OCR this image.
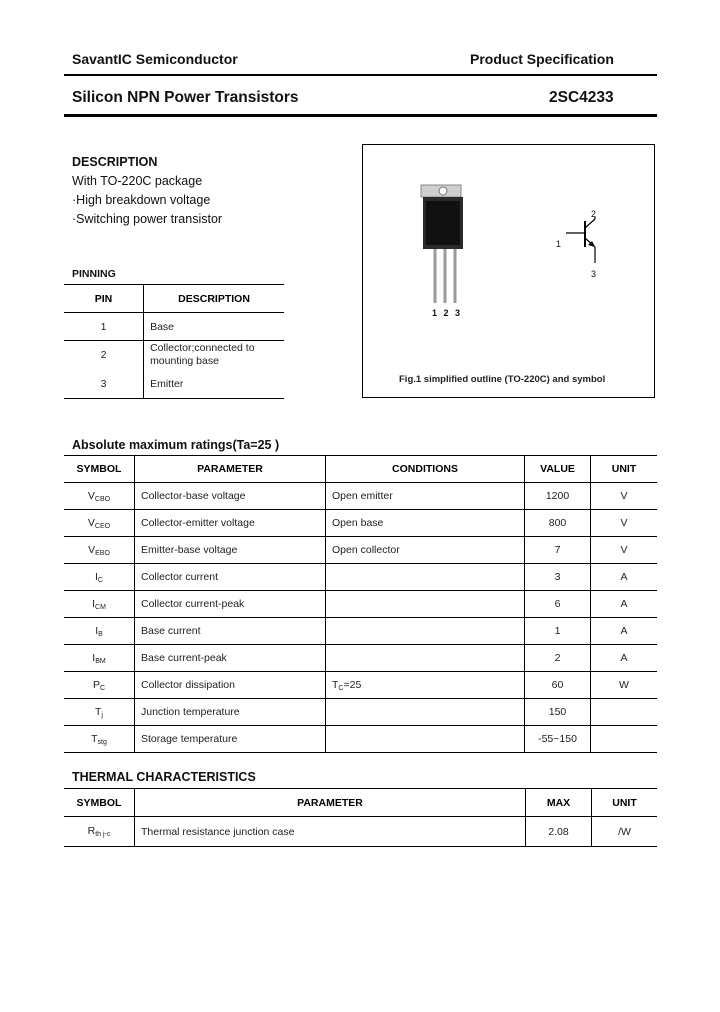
SavantIC Semiconductor	Product Specification
Silicon NPN Power Transistors	2SC4233
DESCRIPTION
With TO-220C package
·High breakdown voltage
·Switching power transistor
PINNING
PIN	DESCRIPTION
1	Base
2	Collector;connected to mounting base
3	Emitter
1 2 3
1
2
3
Fig.1 simplified outline (TO-220C) and symbol
Absolute maximum ratings(Ta=25 )
SYMBOL	PARAMETER	CONDITIONS	VALUE	UNIT
$V_{CBO}$	Collector-base voltage	Open emitter	1200	V
$V_{CEO}$	Collector-emitter voltage	Open base	800	V
$V_{EBO}$	Emitter-base voltage	Open collector	7	V
$I_C$	Collector current		3	A
$I_{CM}$	Collector current-peak		6	A
$I_B$	Base current		1	A
$I_{BM}$	Base current-peak		2	A
$P_C$	Collector dissipation	$T_C=25$	60	W
$T_j$	Junction temperature		150	
$T_{stg}$	Storage temperature		-55~150	
THERMAL CHARACTERISTICS
SYMBOL	PARAMETER	MAX	UNIT
$R_{th j-c}$	Thermal resistance junction case	2.08	/W
